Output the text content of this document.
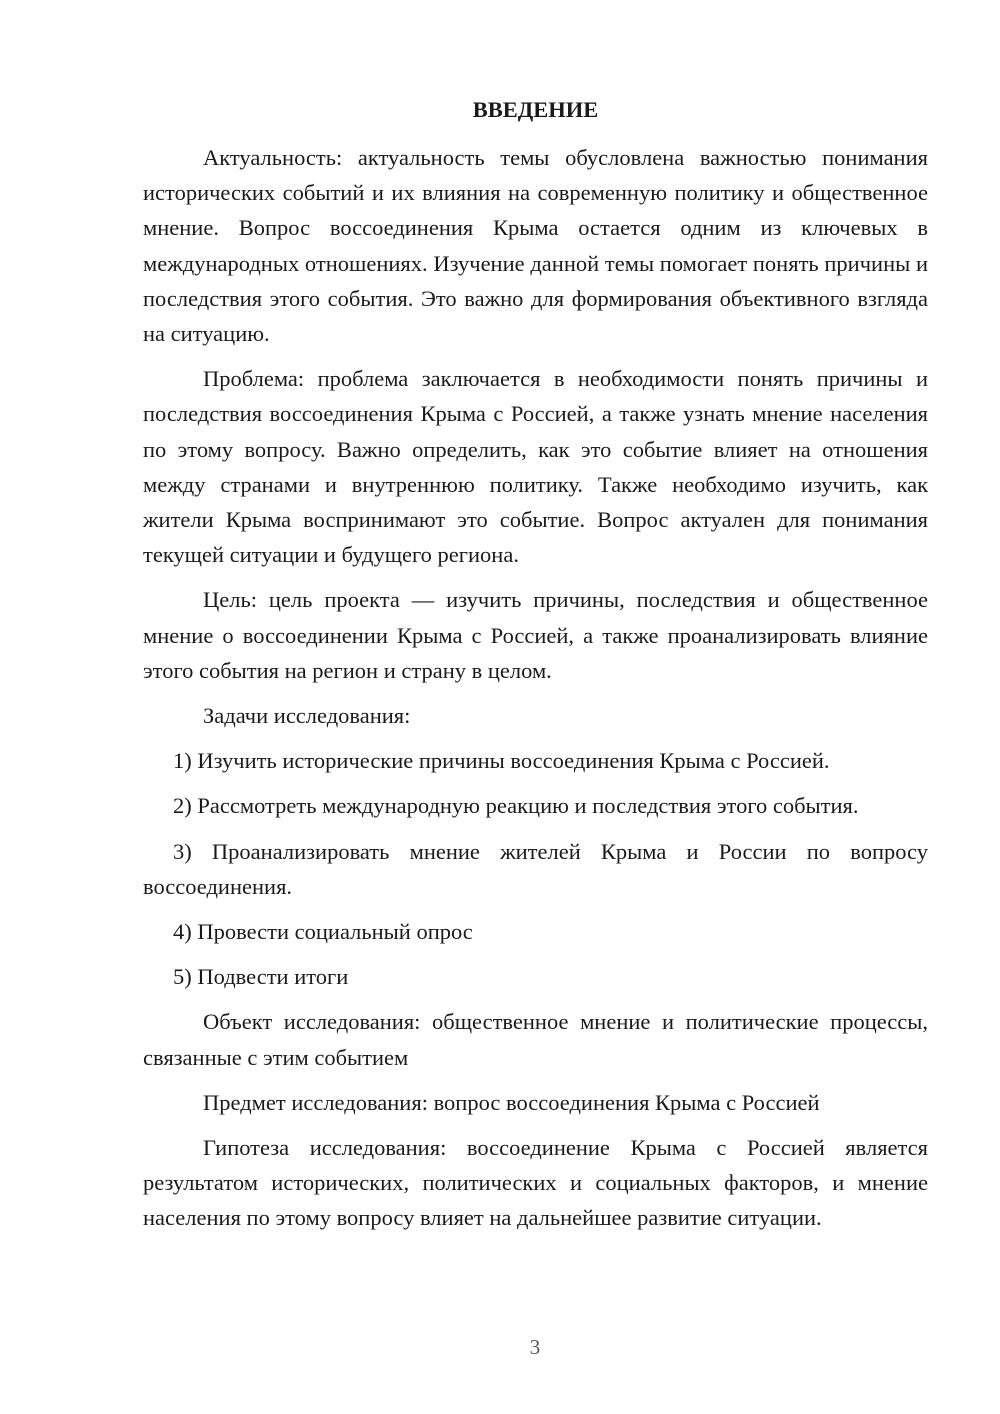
ВВЕДЕНИЕ

Актуальность: актуальность темы обусловлена важностью понимания исторических событий и их влияния на современную политику и общественное мнение. Вопрос воссоединения Крыма остается одним из ключевых в международных отношениях. Изучение данной темы помогает понять причины и последствия этого события. Это важно для формирования объективного взгляда на ситуацию.

Проблема: проблема заключается в необходимости понять причины и последствия воссоединения Крыма с Россией, а также узнать мнение населения по этому вопросу. Важно определить, как это событие влияет на отношения между странами и внутреннюю политику. Также необходимо изучить, как жители Крыма воспринимают это событие. Вопрос актуален для понимания текущей ситуации и будущего региона.

Цель: цель проекта — изучить причины, последствия и общественное мнение о воссоединении Крыма с Россией, а также проанализировать влияние этого события на регион и страну в целом.

Задачи исследования:

1) Изучить исторические причины воссоединения Крыма с Россией.

2) Рассмотреть международную реакцию и последствия этого события.

3) Проанализировать мнение жителей Крыма и России по вопросу воссоединения.

4) Провести социальный опрос

5) Подвести итоги

Объект исследования: общественное мнение и политические процессы, связанные с этим событием

Предмет исследования: вопрос воссоединения Крыма с Россией

Гипотеза исследования: воссоединение Крыма с Россией является результатом исторических, политических и социальных факторов, и мнение населения по этому вопросу влияет на дальнейшее развитие ситуации.

3
